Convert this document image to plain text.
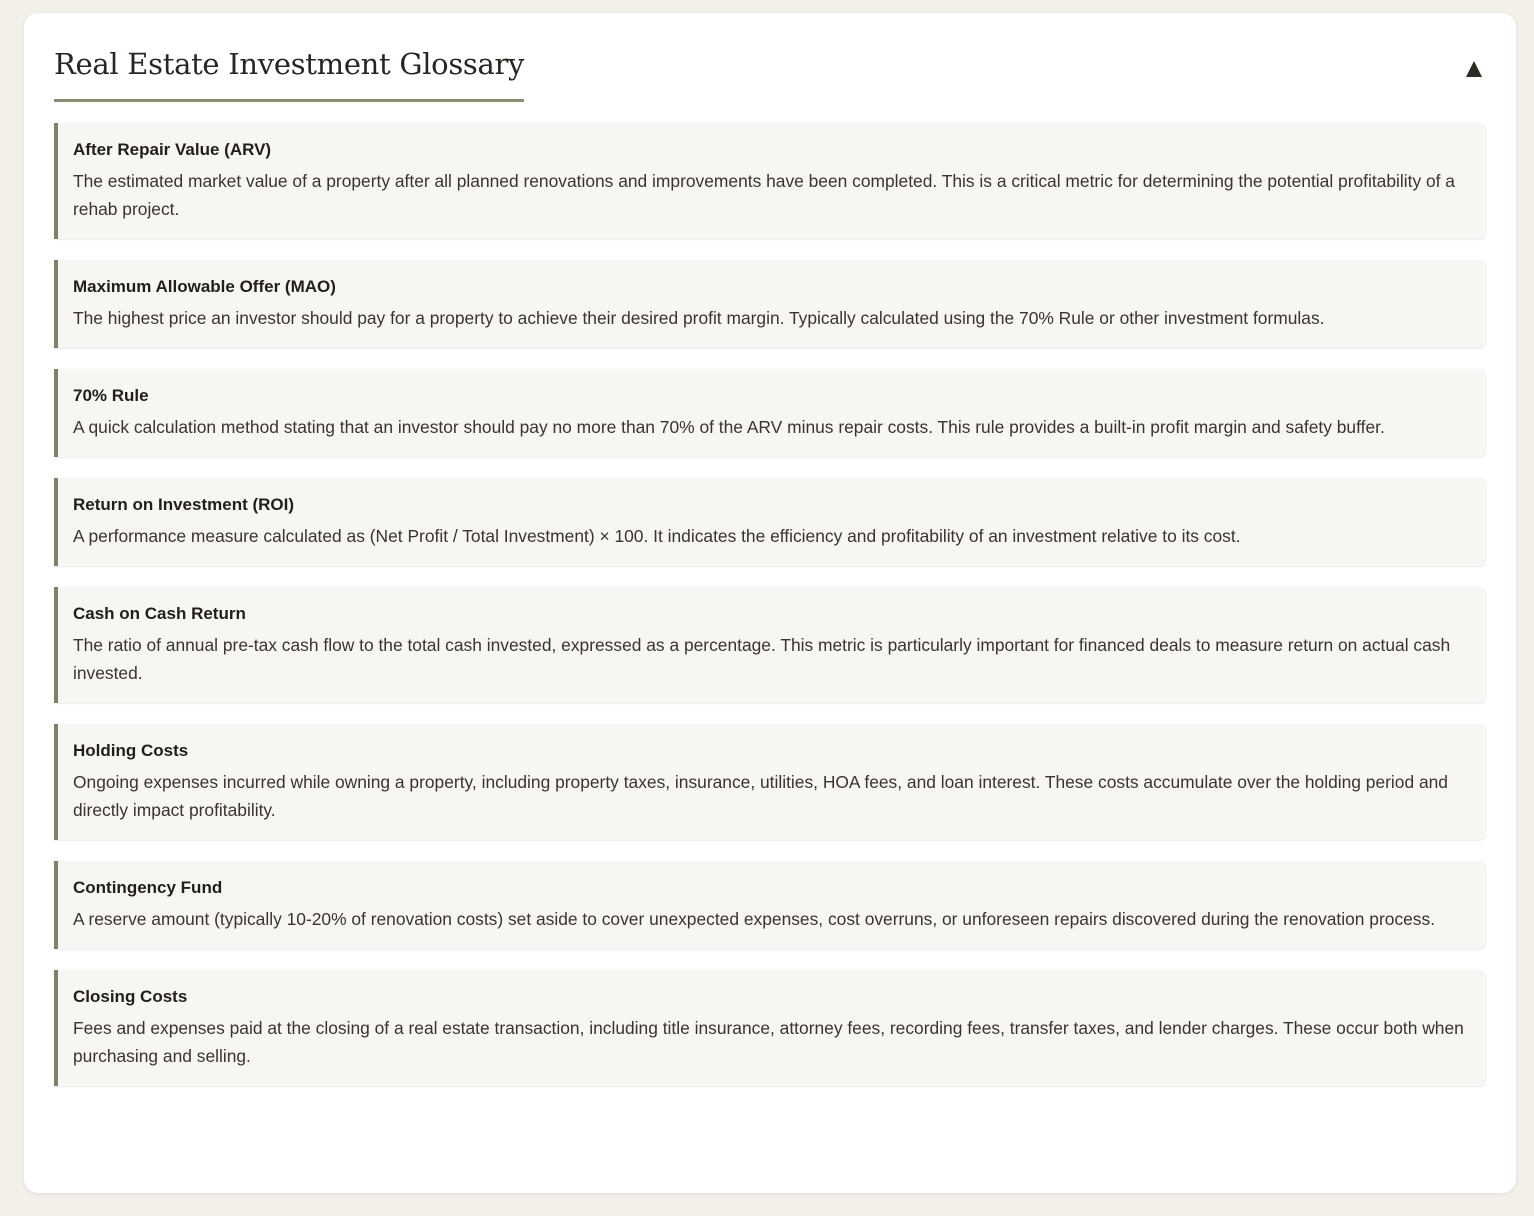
Real Estate Investment Glossary
After Repair Value (ARV)
The estimated market value of a property after all planned renovations and improvements have been completed. This is a critical metric for determining the potential profitability of a rehab project.
Maximum Allowable Offer (MAO)
The highest price an investor should pay for a property to achieve their desired profit margin. Typically calculated using the 70% Rule or other investment formulas.
70% Rule
A quick calculation method stating that an investor should pay no more than 70% of the ARV minus repair costs. This rule provides a built-in profit margin and safety buffer.
Return on Investment (ROI)
A performance measure calculated as (Net Profit / Total Investment) × 100. It indicates the efficiency and profitability of an investment relative to its cost.
Cash on Cash Return
The ratio of annual pre-tax cash flow to the total cash invested, expressed as a percentage. This metric is particularly important for financed deals to measure return on actual cash invested.
Holding Costs
Ongoing expenses incurred while owning a property, including property taxes, insurance, utilities, HOA fees, and loan interest. These costs accumulate over the holding period and directly impact profitability.
Contingency Fund
A reserve amount (typically 10-20% of renovation costs) set aside to cover unexpected expenses, cost overruns, or unforeseen repairs discovered during the renovation process.
Closing Costs
Fees and expenses paid at the closing of a real estate transaction, including title insurance, attorney fees, recording fees, transfer taxes, and lender charges. These occur both when purchasing and selling.
